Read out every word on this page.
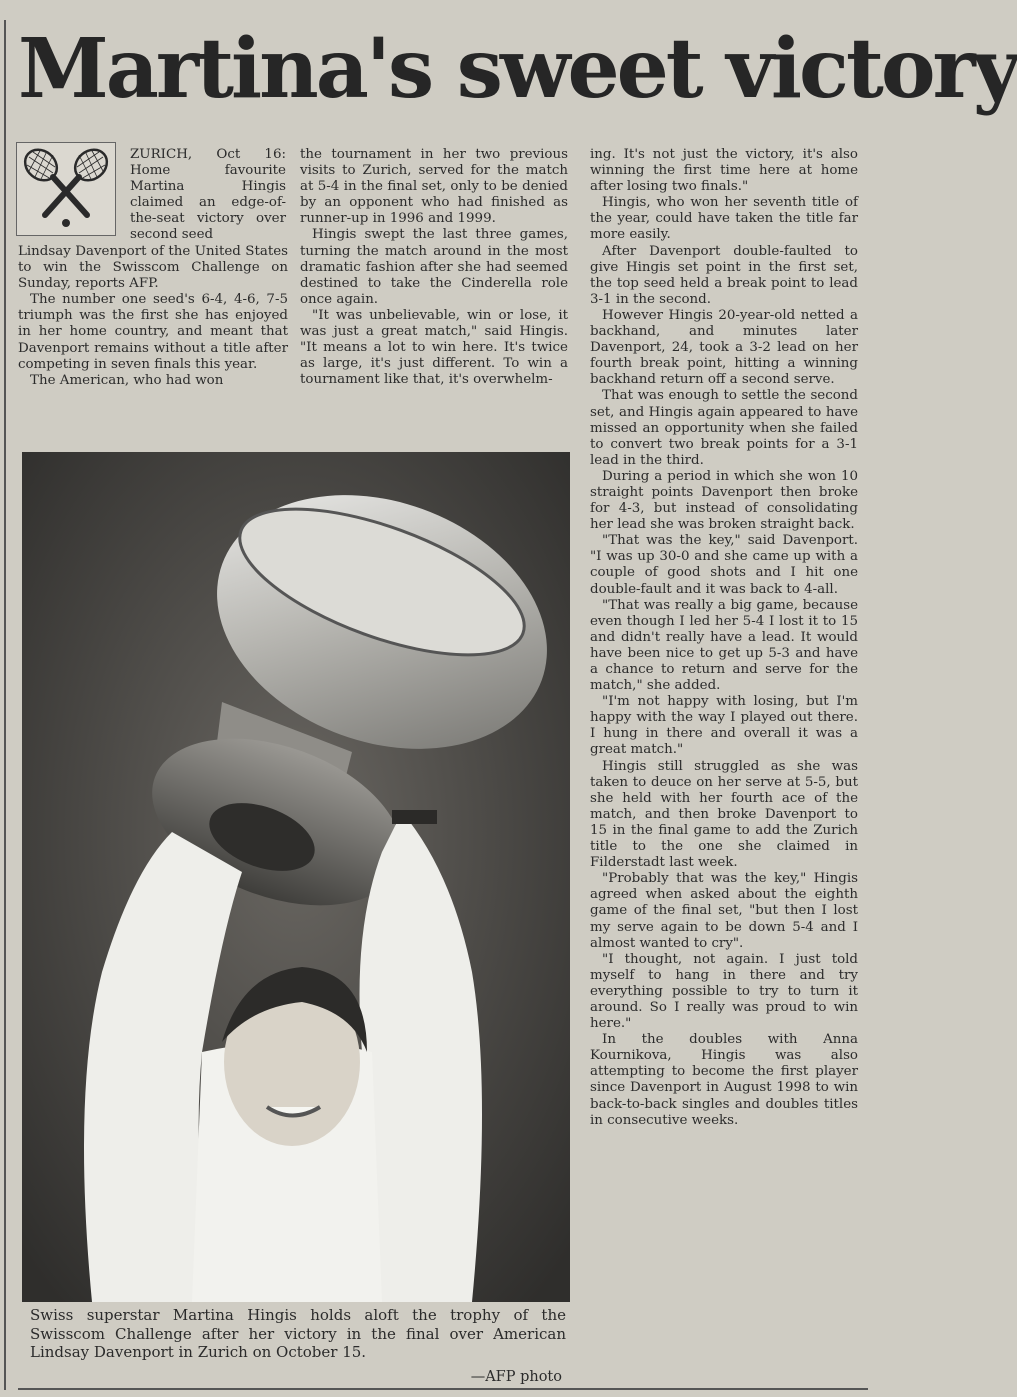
Martina's sweet victory

ZURICH, Oct 16: Home favourite Martina Hingis claimed an edge-of-the-seat victory over second seed

Lindsay Davenport of the United States to win the Swisscom Challenge on Sunday, reports AFP.

The number one seed's 6-4, 4-6, 7-5 triumph was the first she has enjoyed in her home country, and meant that Davenport remains without a title after competing in seven finals this year.

The American, who had won

the tournament in her two previous visits to Zurich, served for the match at 5-4 in the final set, only to be denied by an opponent who had finished as runner-up in 1996 and 1999.

Hingis swept the last three games, turning the match around in the most dramatic fashion after she had seemed destined to take the Cinderella role once again.

"It was unbelievable, win or lose, it was just a great match," said Hingis. "It means a lot to win here. It's twice as large, it's just different. To win a tournament like that, it's overwhelm-

ing. It's not just the victory, it's also winning the first time here at home after losing two finals."

Hingis, who won her seventh title of the year, could have taken the title far more easily.

After Davenport double-faulted to give Hingis set point in the first set, the top seed held a break point to lead 3-1 in the second.

However Hingis 20-year-old netted a backhand, and minutes later Davenport, 24, took a 3-2 lead on her fourth break point, hitting a winning backhand return off a second serve.

That was enough to settle the second set, and Hingis again appeared to have missed an opportunity when she failed to convert two break points for a 3-1 lead in the third.

During a period in which she won 10 straight points Davenport then broke for 4-3, but instead of consolidating her lead she was broken straight back.

"That was the key," said Davenport. "I was up 30-0 and she came up with a couple of good shots and I hit one double-fault and it was back to 4-all.

"That was really a big game, because even though I led her 5-4 I lost it to 15 and didn't really have a lead. It would have been nice to get up 5-3 and have a chance to return and serve for the match," she added.

"I'm not happy with losing, but I'm happy with the way I played out there. I hung in there and overall it was a great match."

Hingis still struggled as she was taken to deuce on her serve at 5-5, but she held with her fourth ace of the match, and then broke Davenport to 15 in the final game to add the Zurich title to the one she claimed in Filderstadt last week.

"Probably that was the key," Hingis agreed when asked about the eighth game of the final set, "but then I lost my serve again to be down 5-4 and I almost wanted to cry".

"I thought, not again. I just told myself to hang in there and try everything possible to try to turn it around. So I really was proud to win here."

In the doubles with Anna Kournikova, Hingis was also attempting to become the first player since Davenport in August 1998 to win back-to-back singles and doubles titles in consecutive weeks.

Swiss superstar Martina Hingis holds aloft the trophy of the Swisscom Challenge after her victory in the final over American Lindsay Davenport in Zurich on October 15.

—AFP photo
